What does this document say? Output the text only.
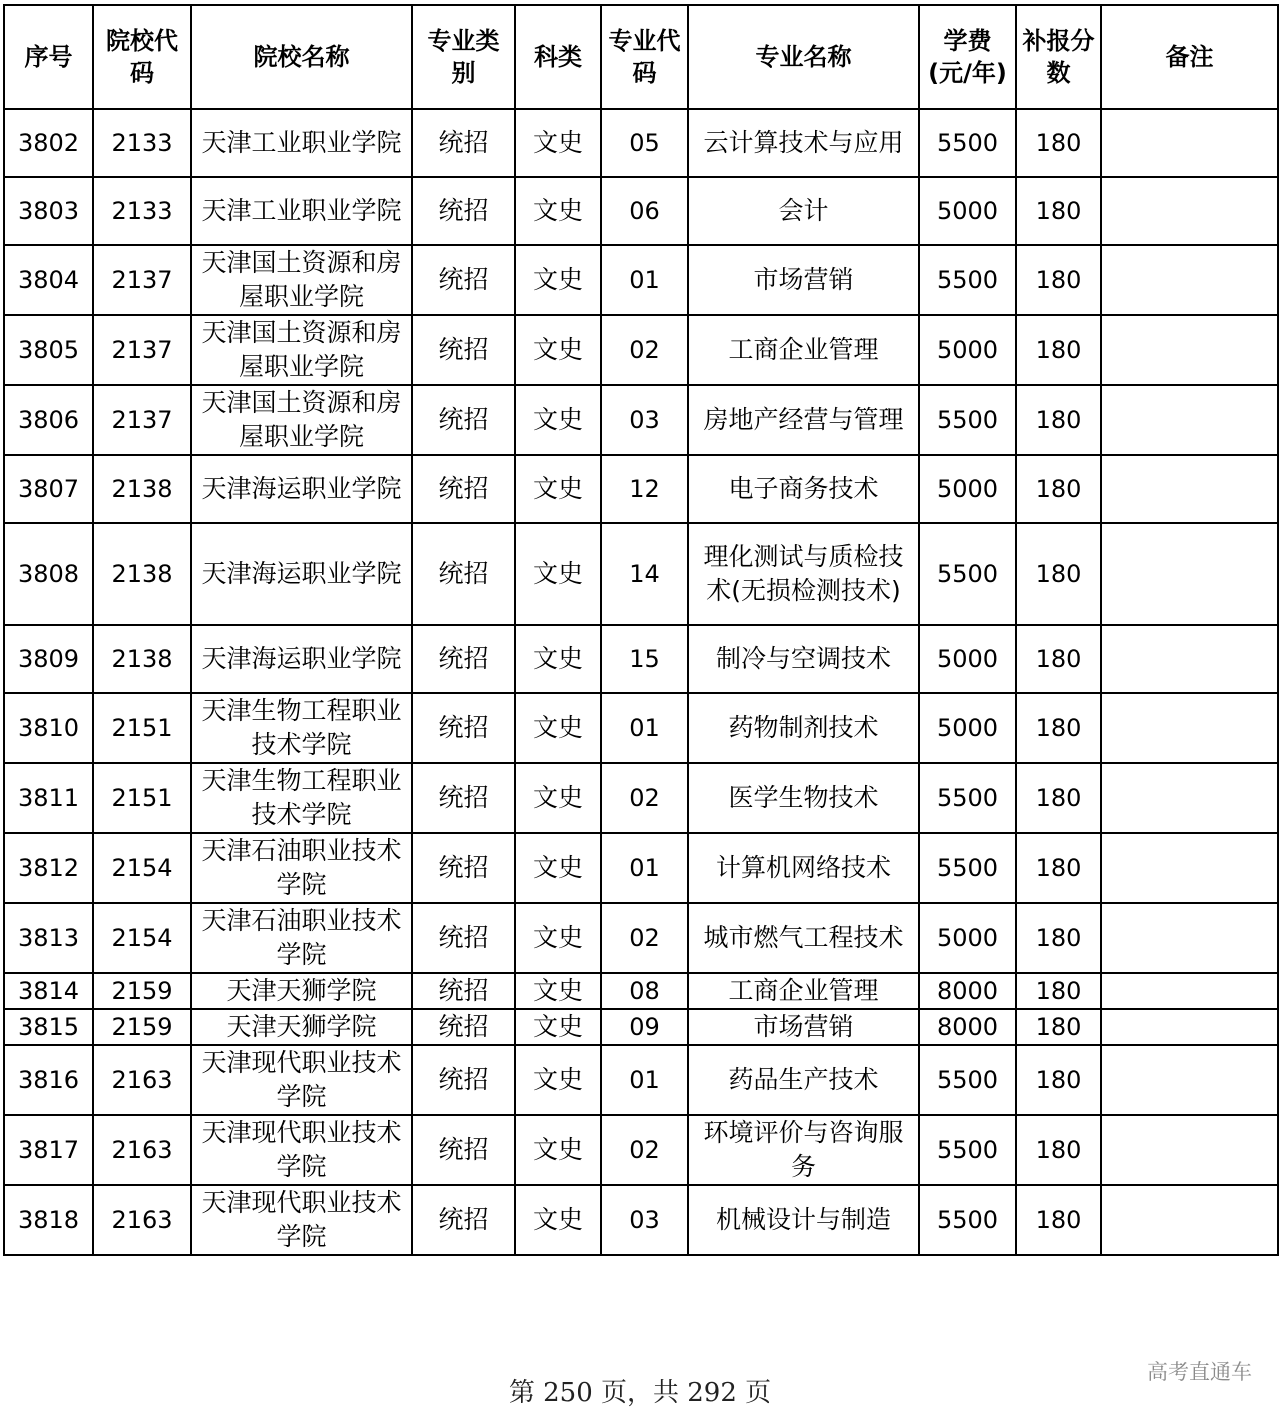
序号	院校代码	院校名称	专业类别	科类	专业代码	专业名称	学费(元/年)	补报分数	备注
3802	2133	天津工业职业学院	统招	文史	05	云计算技术与应用	5500	180	
3803	2133	天津工业职业学院	统招	文史	06	会计	5000	180	
3804	2137	天津国土资源和房屋职业学院	统招	文史	01	市场营销	5500	180	
3805	2137	天津国土资源和房屋职业学院	统招	文史	02	工商企业管理	5000	180	
3806	2137	天津国土资源和房屋职业学院	统招	文史	03	房地产经营与管理	5500	180	
3807	2138	天津海运职业学院	统招	文史	12	电子商务技术	5000	180	
3808	2138	天津海运职业学院	统招	文史	14	理化测试与质检技术(无损检测技术)	5500	180	
3809	2138	天津海运职业学院	统招	文史	15	制冷与空调技术	5000	180	
3810	2151	天津生物工程职业技术学院	统招	文史	01	药物制剂技术	5000	180	
3811	2151	天津生物工程职业技术学院	统招	文史	02	医学生物技术	5500	180	
3812	2154	天津石油职业技术学院	统招	文史	01	计算机网络技术	5500	180	
3813	2154	天津石油职业技术学院	统招	文史	02	城市燃气工程技术	5000	180	
3814	2159	天津天狮学院	统招	文史	08	工商企业管理	8000	180	
3815	2159	天津天狮学院	统招	文史	09	市场营销	8000	180	
3816	2163	天津现代职业技术学院	统招	文史	01	药品生产技术	5500	180	
3817	2163	天津现代职业技术学院	统招	文史	02	环境评价与咨询服务	5500	180	
3818	2163	天津现代职业技术学院	统招	文史	03	机械设计与制造	5500	180	
第 250 页，共 292 页
高考直通车
